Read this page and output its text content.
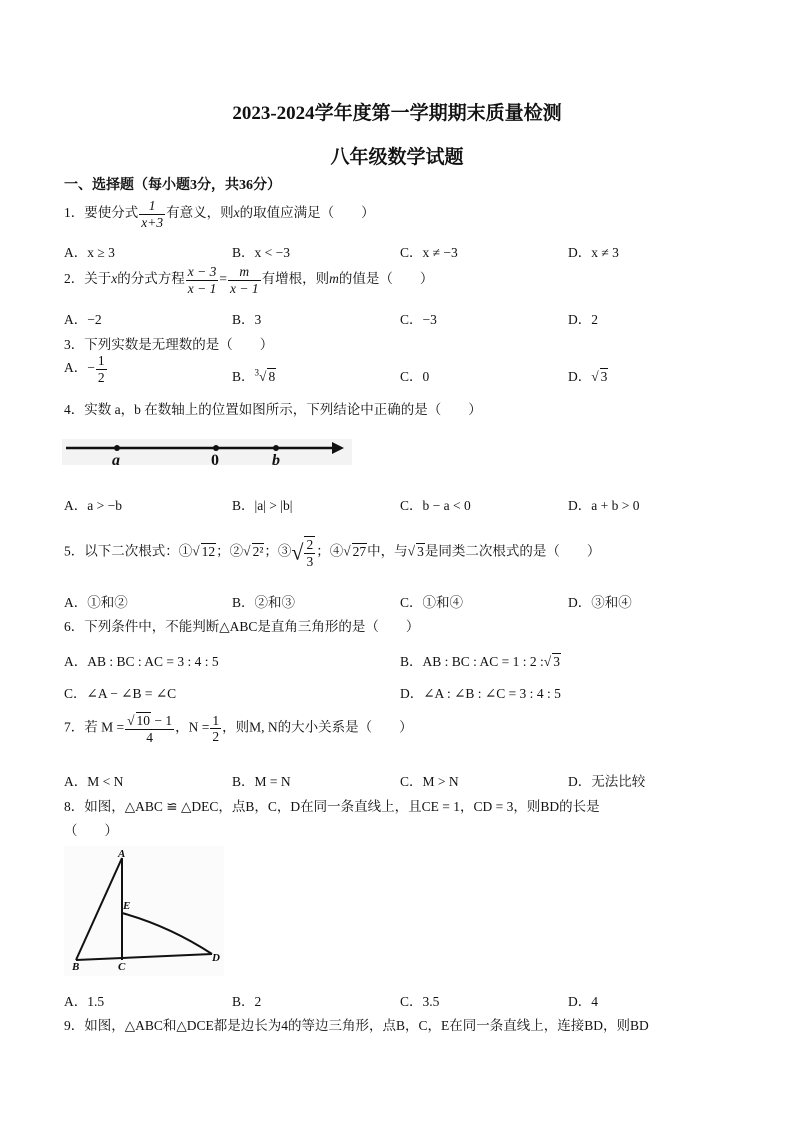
2023-2024学年度第一学期期末质量检测
八年级数学试题
一、选择题（每小题3分，共36分）
1．要使分式 $\frac{1}{x+3}$ 有意义，则x的取值应满足（　　）
A．x ≥ 3	B．x < −3	C．x ≠ −3	D．x ≠ 3
2．关于x的分式方程 $\frac{x - 3}{x - 1} = \frac{m}{x - 1}$ 有增根，则m的值是（　　）
A．−2	B．3	C．−3	D．2
3．下列实数是无理数的是（　　）
A．− $\frac{1}{2}$	B．$^3$√ 8	C．0	D．√ 3
4．实数 a，b 在数轴上的位置如图所示，下列结论中正确的是（　　）
a	0	b
A．a > −b	B．|a| > |b|	C．b − a < 0	D．a + b > 0
5．以下二次根式：①√ 12；②√ 2²；③√ $\frac{2}{3}$ ；④√ 27中，与√ 3是同类二次根式的是（　　）
A．①和②	B．②和③	C．①和④	D．③和④
6．下列条件中，不能判断△ABC是直角三角形的是（　　）
A．AB : BC : AC = 3 : 4 : 5	B．AB : BC : AC = 1 : 2 :√ 3
C．∠A − ∠B = ∠C	D．∠A : ∠B : ∠C = 3 : 4 : 5
7．若 $M = \frac{√ 10 - 1}{4}$ ，$N = \frac{1}{2}$ ，则M, N的大小关系是（　　）
A．M < N	B．M = N	C．M > N	D．无法比较
8．如图，△ABC ≌ △DEC，点B，C，D在同一条直线上，且CE = 1，CD = 3，则BD的长是
（　　）
A
E
B	C
D
A．1.5	B．2	C．3.5	D．4
9．如图，△ABC和△DCE都是边长为4的等边三角形，点B，C，E在同一条直线上，连接BD，则BD
